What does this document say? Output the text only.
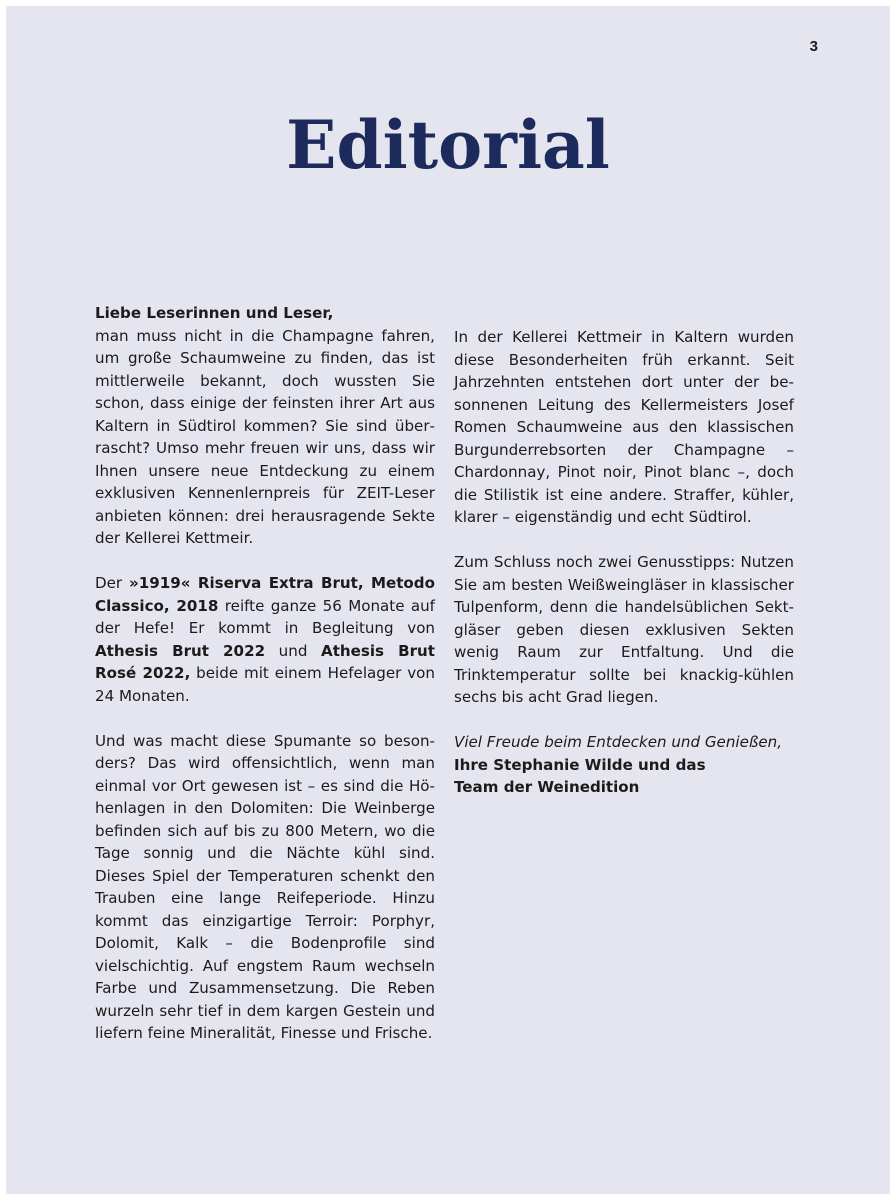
3
Editorial

Liebe Leserinnen und Leser,
man muss nicht in die Champagne fahren, um große Schaumweine zu finden, das ist mittlerweile bekannt, doch wussten Sie schon, dass einige der feinsten ihrer Art aus Kaltern in Südtirol kommen? Sie sind überrascht? Umso mehr freuen wir uns, dass wir Ihnen unsere neue Entdeckung zu einem exklusiven Kennenlernpreis für ZEIT-Leser anbieten können: drei herausragende Sekte der Kellerei Kettmeir.

Der »1919« Riserva Extra Brut, Metodo Classico, 2018 reifte ganze 56 Monate auf der Hefe! Er kommt in Begleitung von Athesis Brut 2022 und Athesis Brut Rosé 2022, beide mit einem Hefelager von 24 Monaten.

Und was macht diese Spumante so besonders? Das wird offensichtlich, wenn man einmal vor Ort gewesen ist – es sind die Höhenlagen in den Dolomiten: Die Weinberge befinden sich auf bis zu 800 Metern, wo die Tage sonnig und die Nächte kühl sind. Dieses Spiel der Temperaturen schenkt den Trauben eine lange Reifeperiode. Hinzu kommt das einzigartige Terroir: Porphyr, Dolomit, Kalk – die Bodenprofile sind vielschichtig. Auf engstem Raum wechseln Farbe und Zusammensetzung. Die Reben wurzeln sehr tief in dem kargen Gestein und liefern feine Mineralität, Finesse und Frische.

In der Kellerei Kettmeir in Kaltern wurden diese Besonderheiten früh erkannt. Seit Jahrzehnten entstehen dort unter der besonnenen Leitung des Kellermeisters Josef Romen Schaumweine aus den klassischen Burgunderrebsorten der Champagne – Chardonnay, Pinot noir, Pinot blanc –, doch die Stilistik ist eine andere. Straffer, kühler, klarer – eigenständig und echt Südtirol.

Zum Schluss noch zwei Genusstipps: Nutzen Sie am besten Weißweingläser in klassischer Tulpenform, denn die handelsüblichen Sektgläser geben diesen exklusiven Sekten wenig Raum zur Entfaltung. Und die Trinktemperatur sollte bei knackig-kühlen sechs bis acht Grad liegen.

Viel Freude beim Entdecken und Genießen,
Ihre Stephanie Wilde und das
Team der Weinedition
